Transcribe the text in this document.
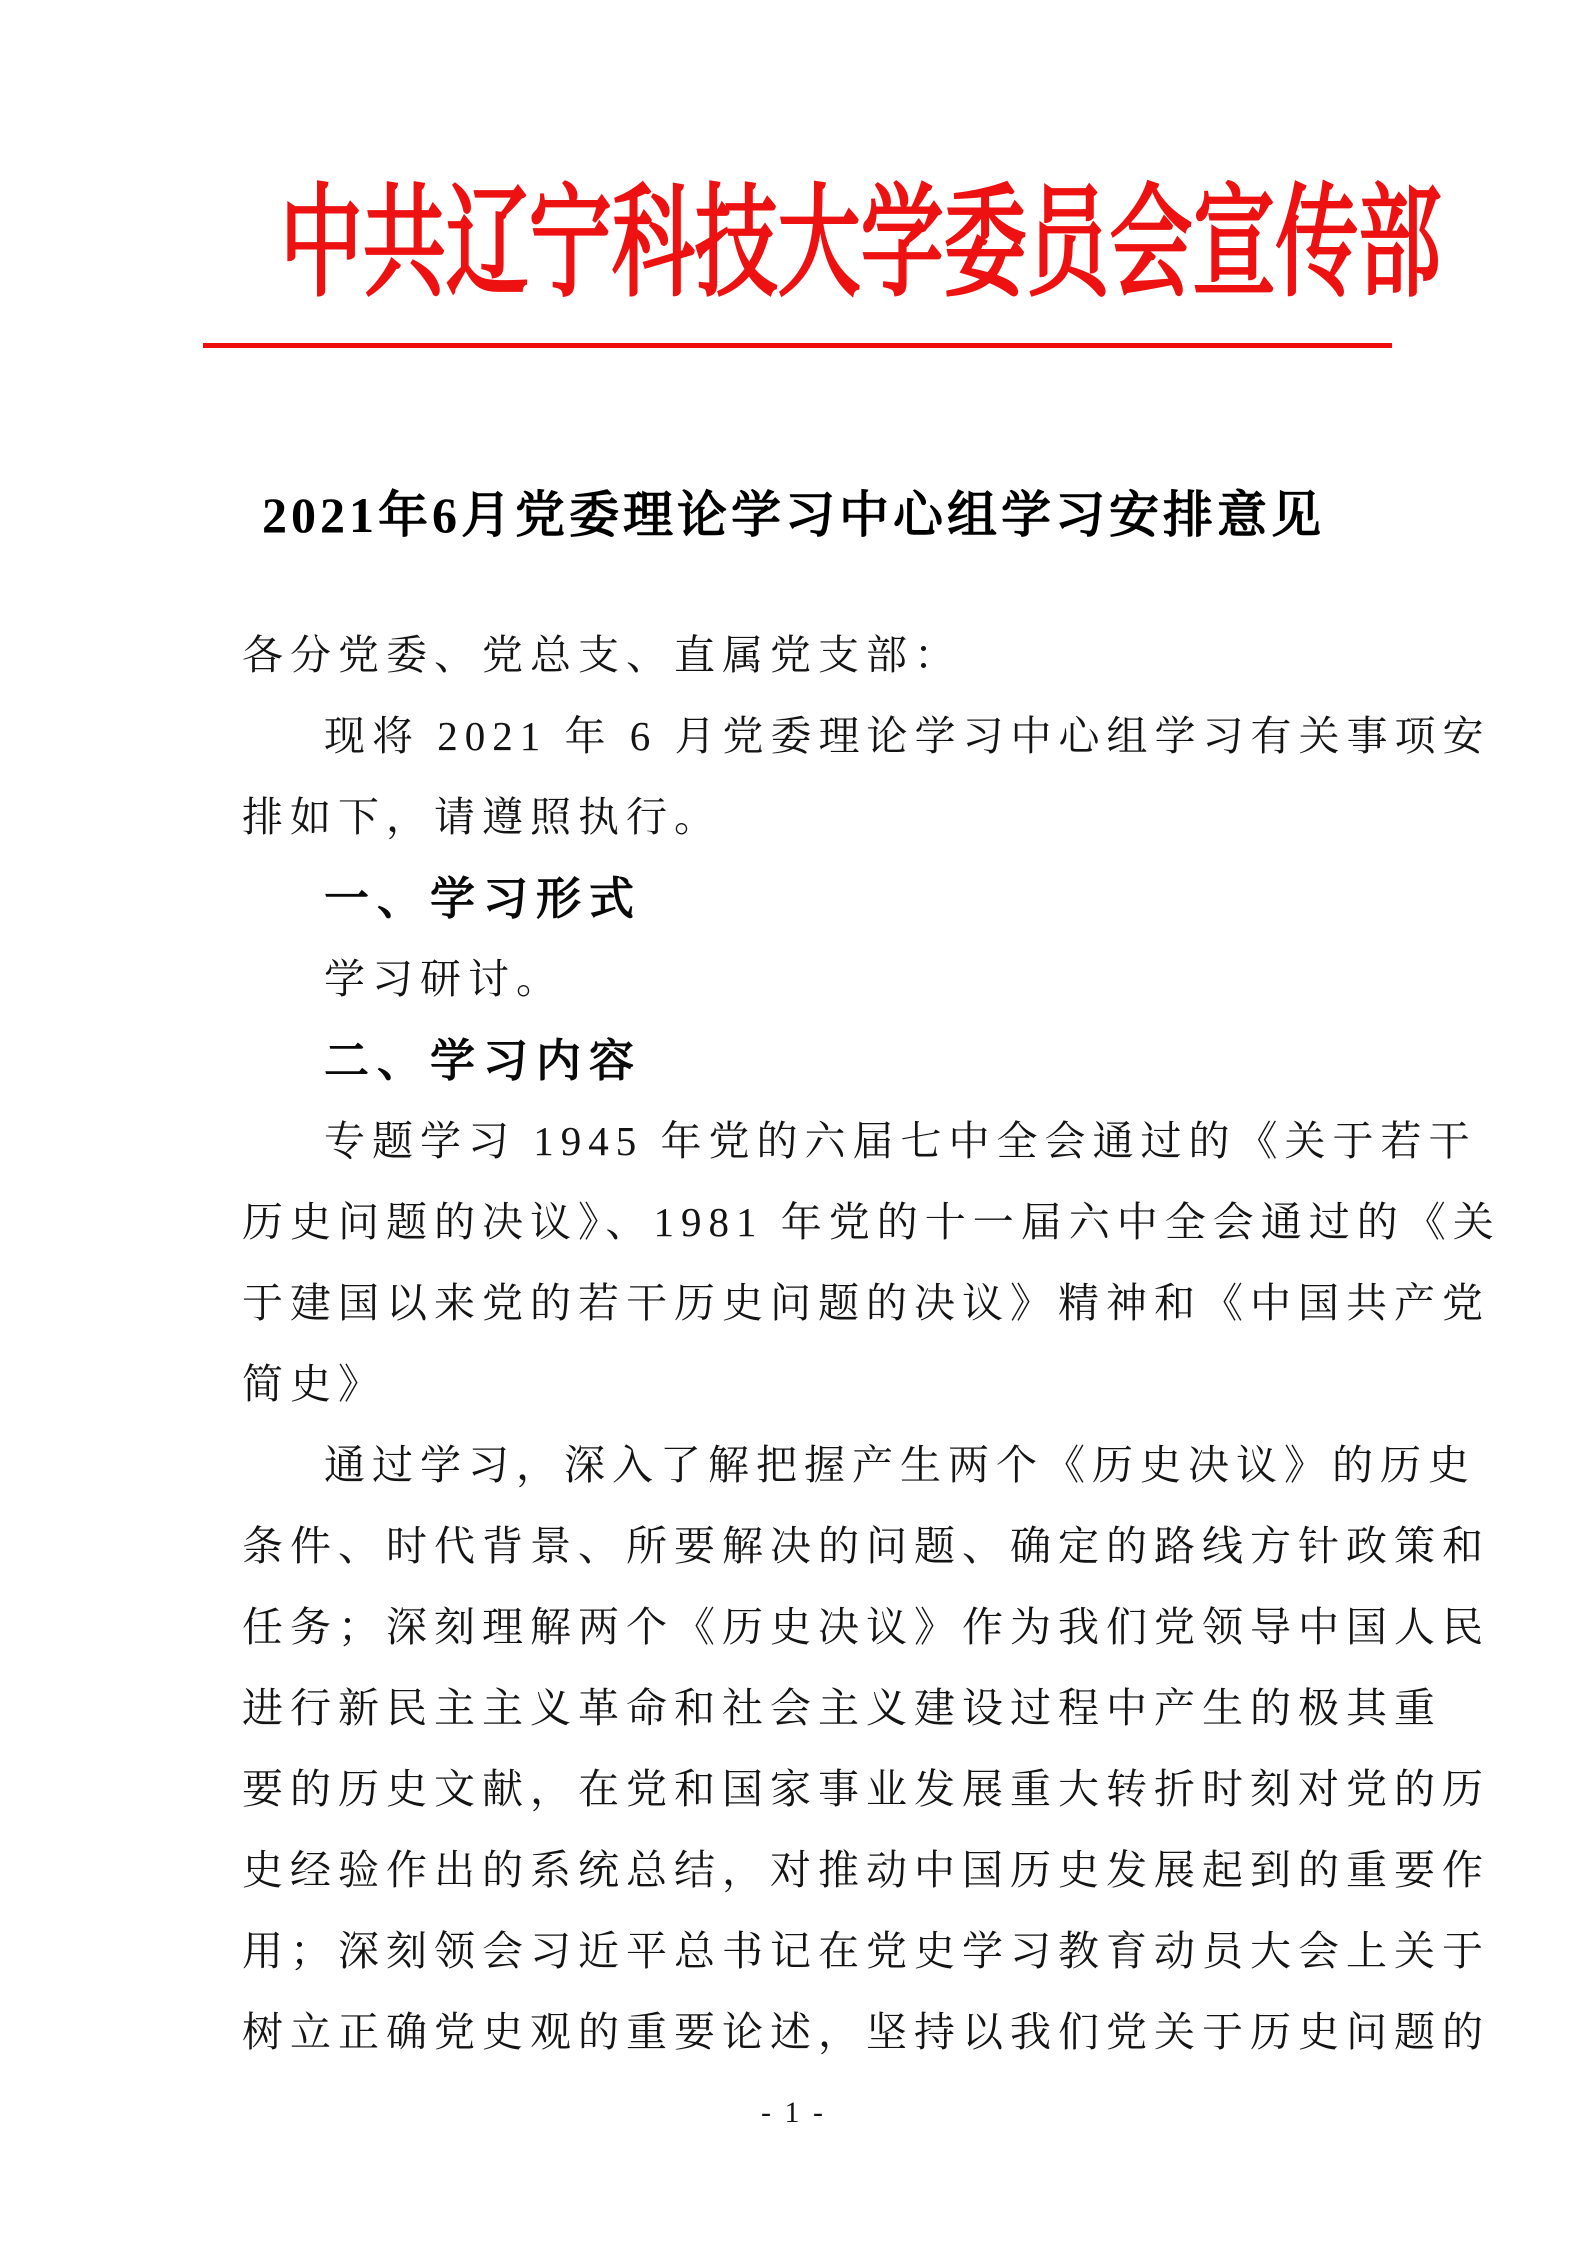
中共辽宁科技大学委员会宣传部
2021年6月党委理论学习中心组学习安排意见
各分党委、党总支、直属党支部：
现将 2021 年 6 月党委理论学习中心组学习有关事项安
排如下，请遵照执行。
一、学习形式
学习研讨。
二、学习内容
专题学习 1945 年党的六届七中全会通过的《关于若干
历史问题的决议》、1981 年党的十一届六中全会通过的《关
于建国以来党的若干历史问题的决议》精神和《中国共产党
简史》
通过学习，深入了解把握产生两个《历史决议》的历史
条件、时代背景、所要解决的问题、确定的路线方针政策和
任务；深刻理解两个《历史决议》作为我们党领导中国人民
进行新民主主义革命和社会主义建设过程中产生的极其重
要的历史文献，在党和国家事业发展重大转折时刻对党的历
史经验作出的系统总结，对推动中国历史发展起到的重要作
用；深刻领会习近平总书记在党史学习教育动员大会上关于
树立正确党史观的重要论述，坚持以我们党关于历史问题的
- 1 -
